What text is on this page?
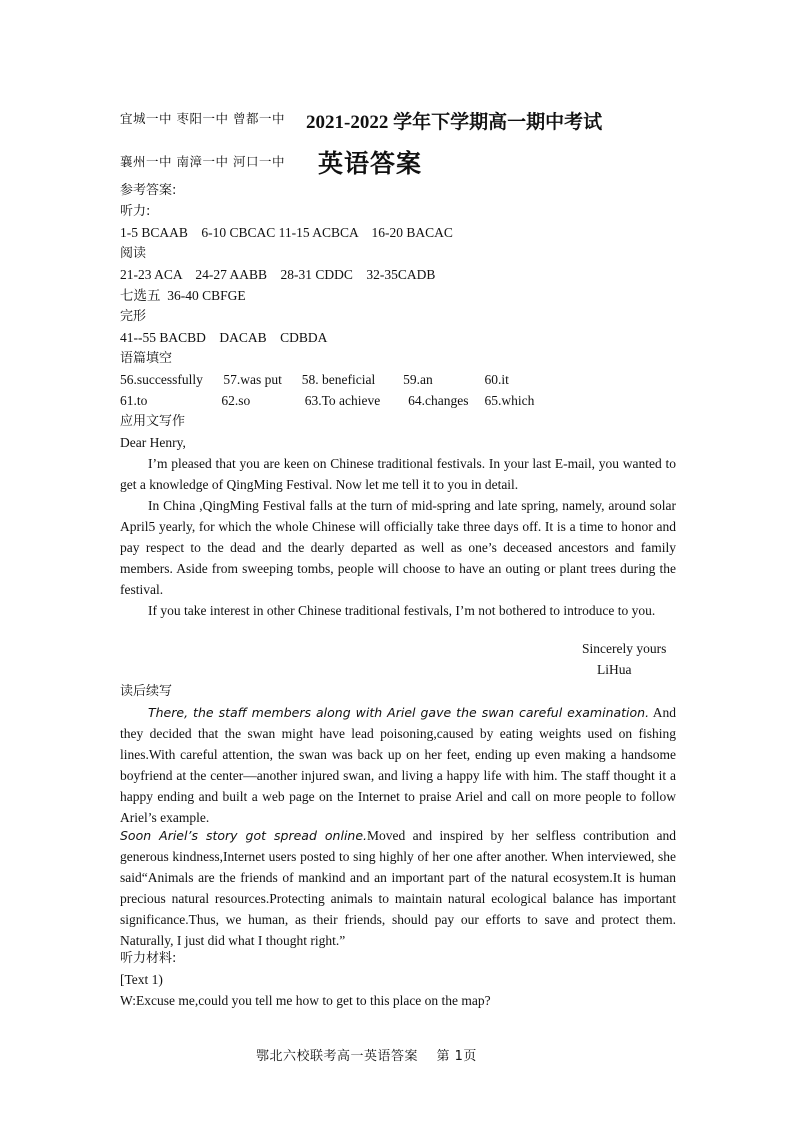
宜城一中 枣阳一中 曾都一中 2021-2022 学年下学期高一期中考试
襄州一中 南漳一中 河口一中 英语答案
参考答案:
听力:
1-5 BCAAB    6-10 CBCAC 11-15 ACBCA    16-20 BACAC
阅读
21-23 ACA    24-27 AABB    28-31 CDDC    32-35CADB
七选五  36-40 CBFGE
完形
41--55 BACBD    DACAB    CDBDA
语篇填空
56.successfully 57.was put 58. beneficial 59.an	60.it
61.to	62.so	63.To achieve 64.changes 65.which
应用文写作
Dear Henry,
I’m pleased that you are keen on Chinese traditional festivals. In your last E-mail, you wanted to get a knowledge of QingMing Festival. Now let me tell it to you in detail.
In China ,QingMing Festival falls at the turn of mid-spring and late spring, namely, around solar April5 yearly, for which the whole Chinese will officially take three days off. It is a time to honor and pay respect to the dead and the dearly departed as well as one’s deceased ancestors and family members. Aside from sweeping tombs, people will choose to have an outing or plant trees during the festival.
If you take interest in other Chinese traditional festivals, I’m not bothered to introduce to you.
Sincerely yours
LiHua
读后续写
There, the staff members along with Ariel gave the swan careful examination. And they decided that the swan might have lead poisoning,caused by eating weights used on fishing lines.With careful attention, the swan was back up on her feet, ending up even making a handsome boyfriend at the center—another injured swan, and living a happy life with him. The staff thought it a happy ending and built a web page on the Internet to praise Ariel and call on more people to follow Ariel’s example.
Soon Ariel’s story got spread online.Moved and inspired by her selfless contribution and generous kindness,Internet users posted to sing highly of her one after another. When interviewed, she said“Animals are the friends of mankind and an important part of the natural ecosystem.It is human precious natural resources.Protecting animals to maintain natural ecological balance has important significance.Thus, we human, as their friends, should pay our efforts to save and protect them. Naturally, I just did what I thought right.”
听力材料:
[Text 1)
W:Excuse me,could you tell me how to get to this place on the map?
鄂北六校联考高一英语答案    第 1页
